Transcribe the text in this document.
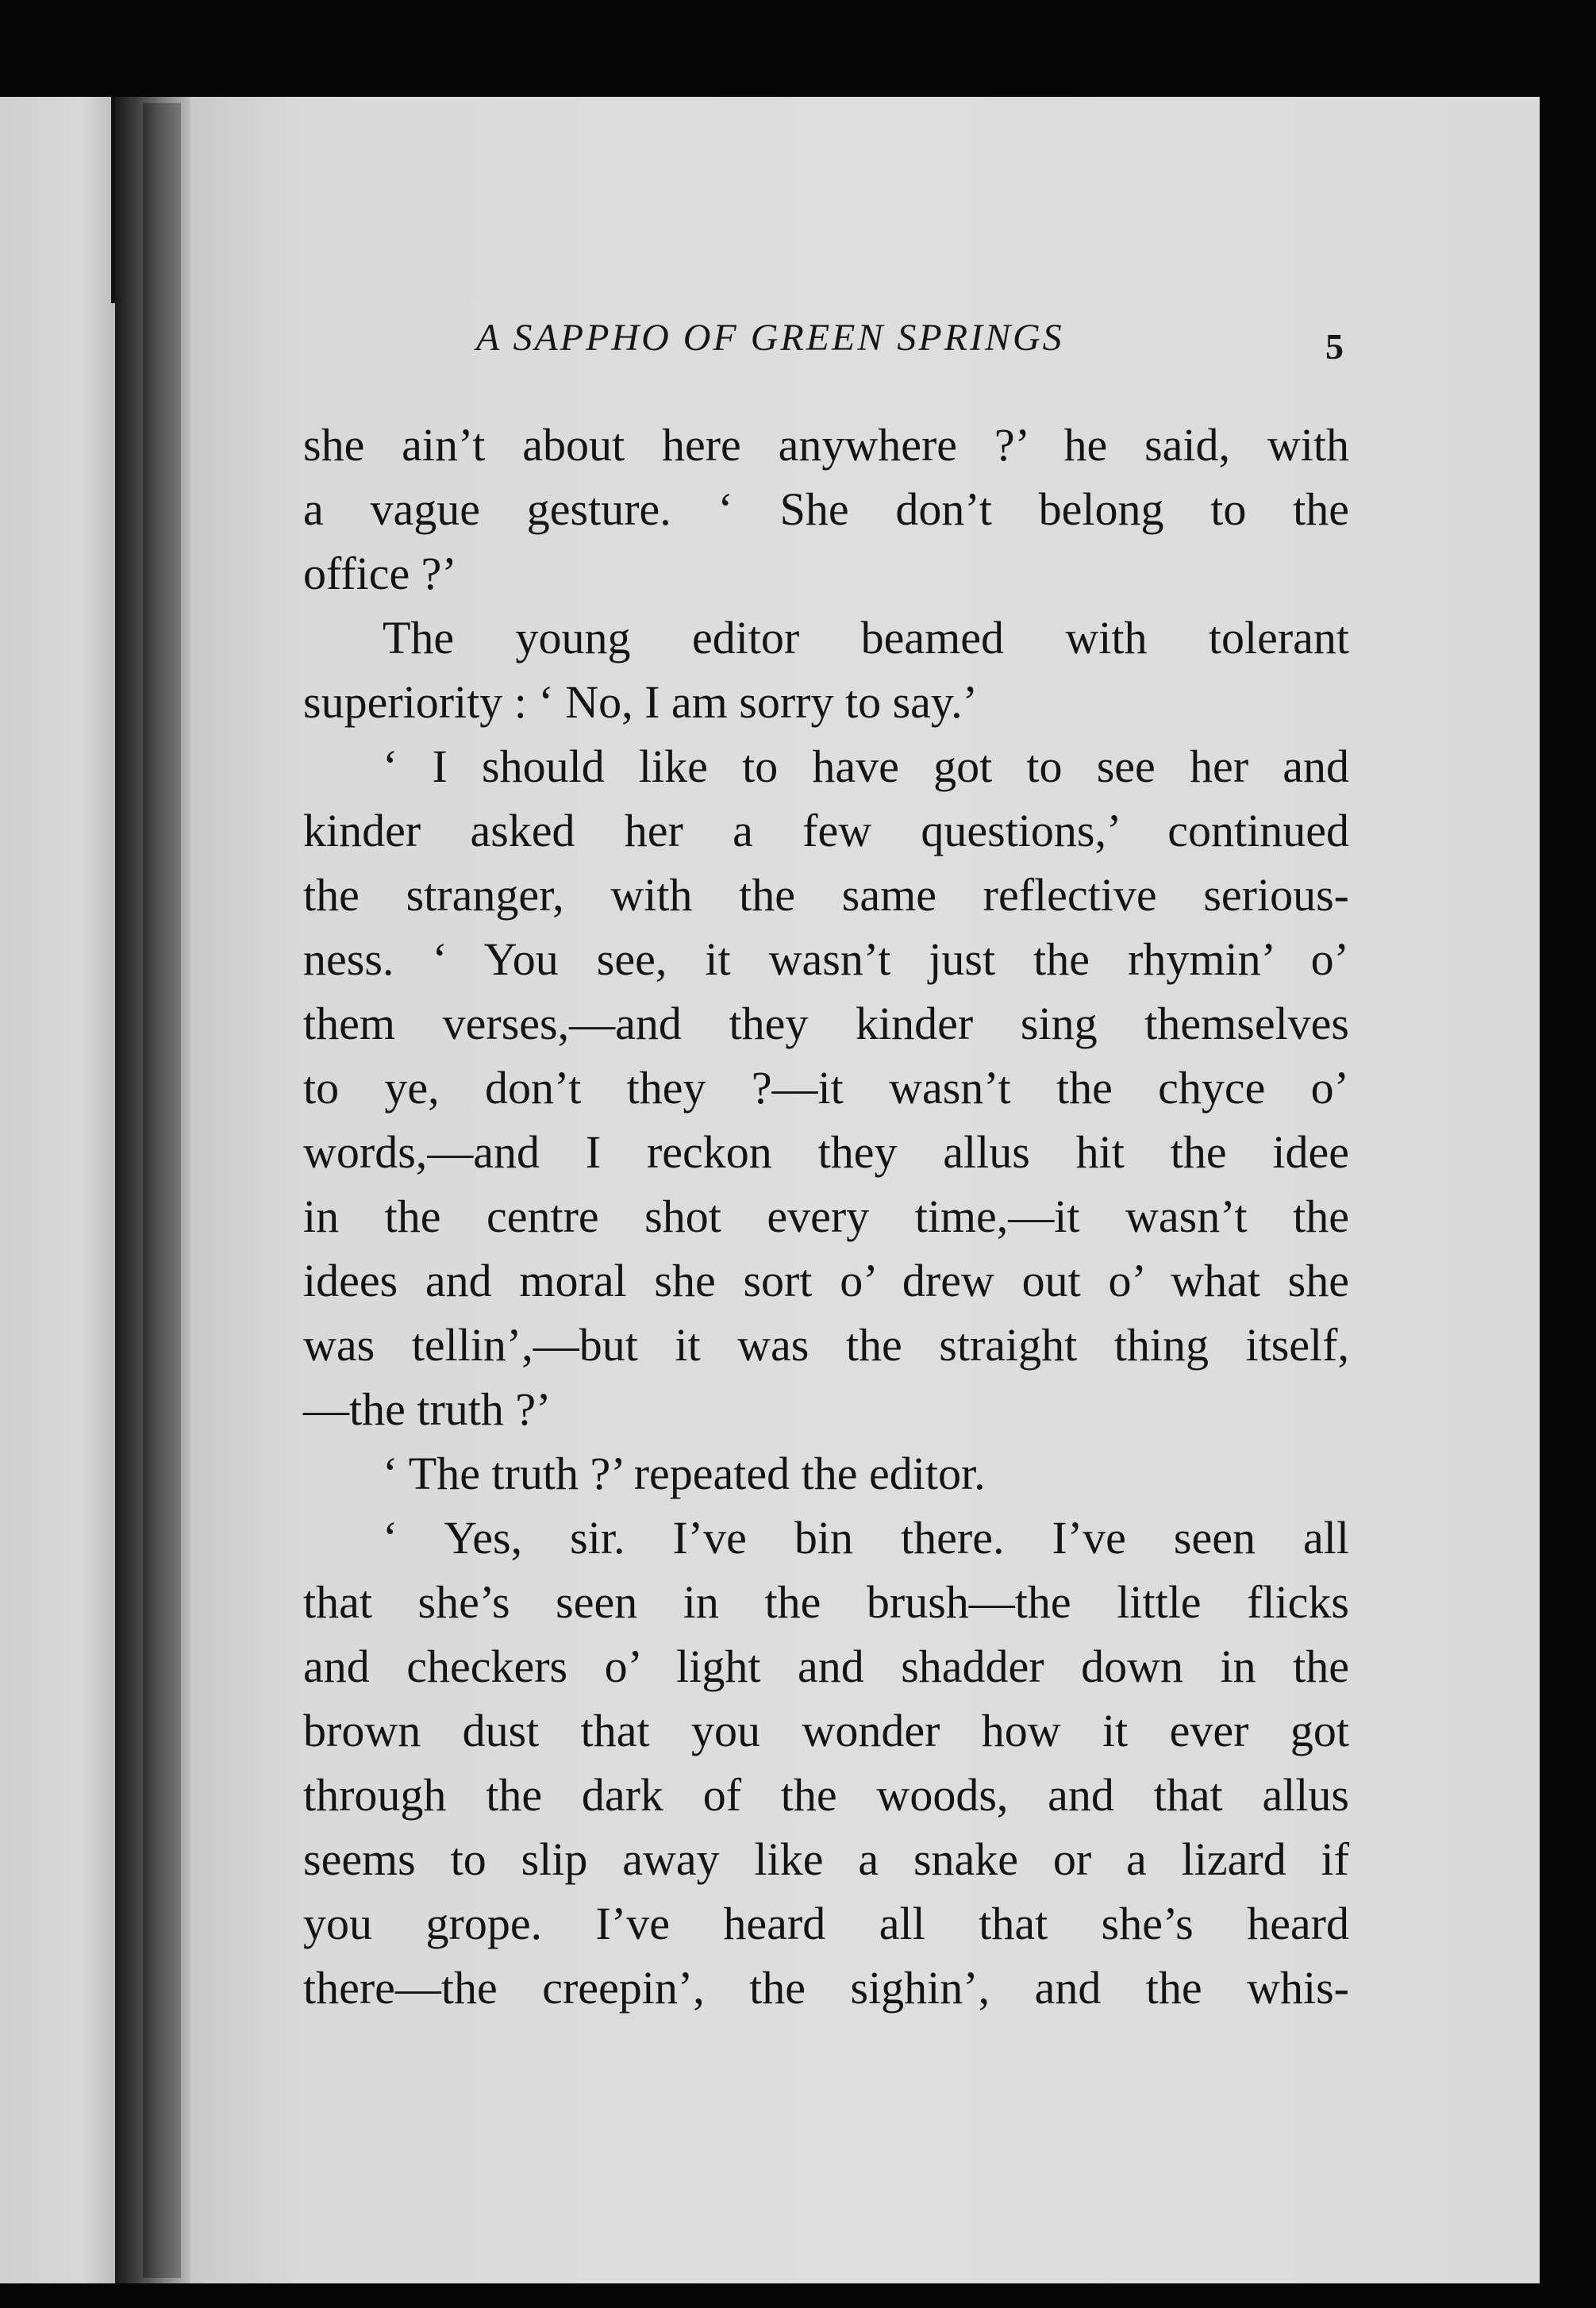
A SAPPHO OF GREEN SPRINGS	5
she ain’t about here anywhere ?’ he said, with
a vague gesture. ‘ She don’t belong to the
office ?’
The young editor beamed with tolerant
superiority : ‘ No, I am sorry to say.’
‘ I should like to have got to see her and
kinder asked her a few questions,’ continued
the stranger, with the same reflective serious-
ness. ‘ You see, it wasn’t just the rhymin’ o’
them verses,—and they kinder sing themselves
to ye, don’t they ?—it wasn’t the chyce o’
words,—and I reckon they allus hit the idee
in the centre shot every time,—it wasn’t the
idees and moral she sort o’ drew out o’ what she
was tellin’,—but it was the straight thing itself,
—the truth ?’
‘ The truth ?’ repeated the editor.
‘ Yes, sir. I’ve bin there. I’ve seen all
that she’s seen in the brush—the little flicks
and checkers o’ light and shadder down in the
brown dust that you wonder how it ever got
through the dark of the woods, and that allus
seems to slip away like a snake or a lizard if
you grope. I’ve heard all that she’s heard
there—the creepin’, the sighin’, and the whis-
